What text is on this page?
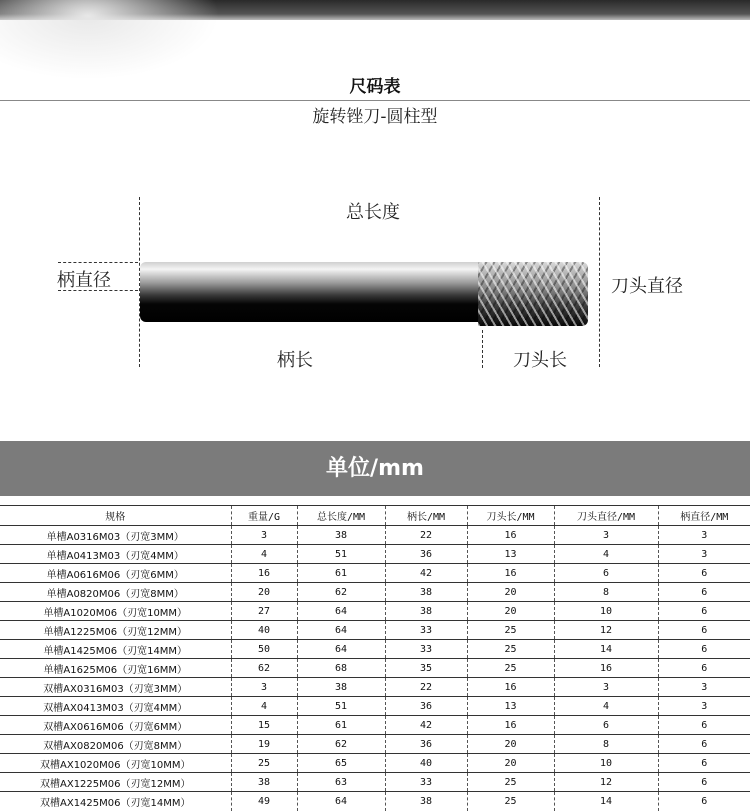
尺码表
旋转锉刀-圆柱型
总长度
柄直径	刀头直径
柄长	刀头长
单位/mm
规格	重量/G	总长度/MM	柄长/MM	刀头长/MM	刀头直径/MM	柄直径/MM
单槽A0316M03（刃宽3MM）	3	38	22	16	3	3
单槽A0413M03（刃宽4MM）	4	51	36	13	4	3
单槽A0616M06（刃宽6MM）	16	61	42	16	6	6
单槽A0820M06（刃宽8MM）	20	62	38	20	8	6
单槽A1020M06（刃宽10MM）	27	64	38	20	10	6
单槽A1225M06（刃宽12MM）	40	64	33	25	12	6
单槽A1425M06（刃宽14MM）	50	64	33	25	14	6
单槽A1625M06（刃宽16MM）	62	68	35	25	16	6
双槽AX0316M03（刃宽3MM）	3	38	22	16	3	3
双槽AX0413M03（刃宽4MM）	4	51	36	13	4	3
双槽AX0616M06（刃宽6MM）	15	61	42	16	6	6
双槽AX0820M06（刃宽8MM）	19	62	36	20	8	6
双槽AX1020M06（刃宽10MM）	25	65	40	20	10	6
双槽AX1225M06（刃宽12MM）	38	63	33	25	12	6
双槽AX1425M06（刃宽14MM）	49	64	38	25	14	6
